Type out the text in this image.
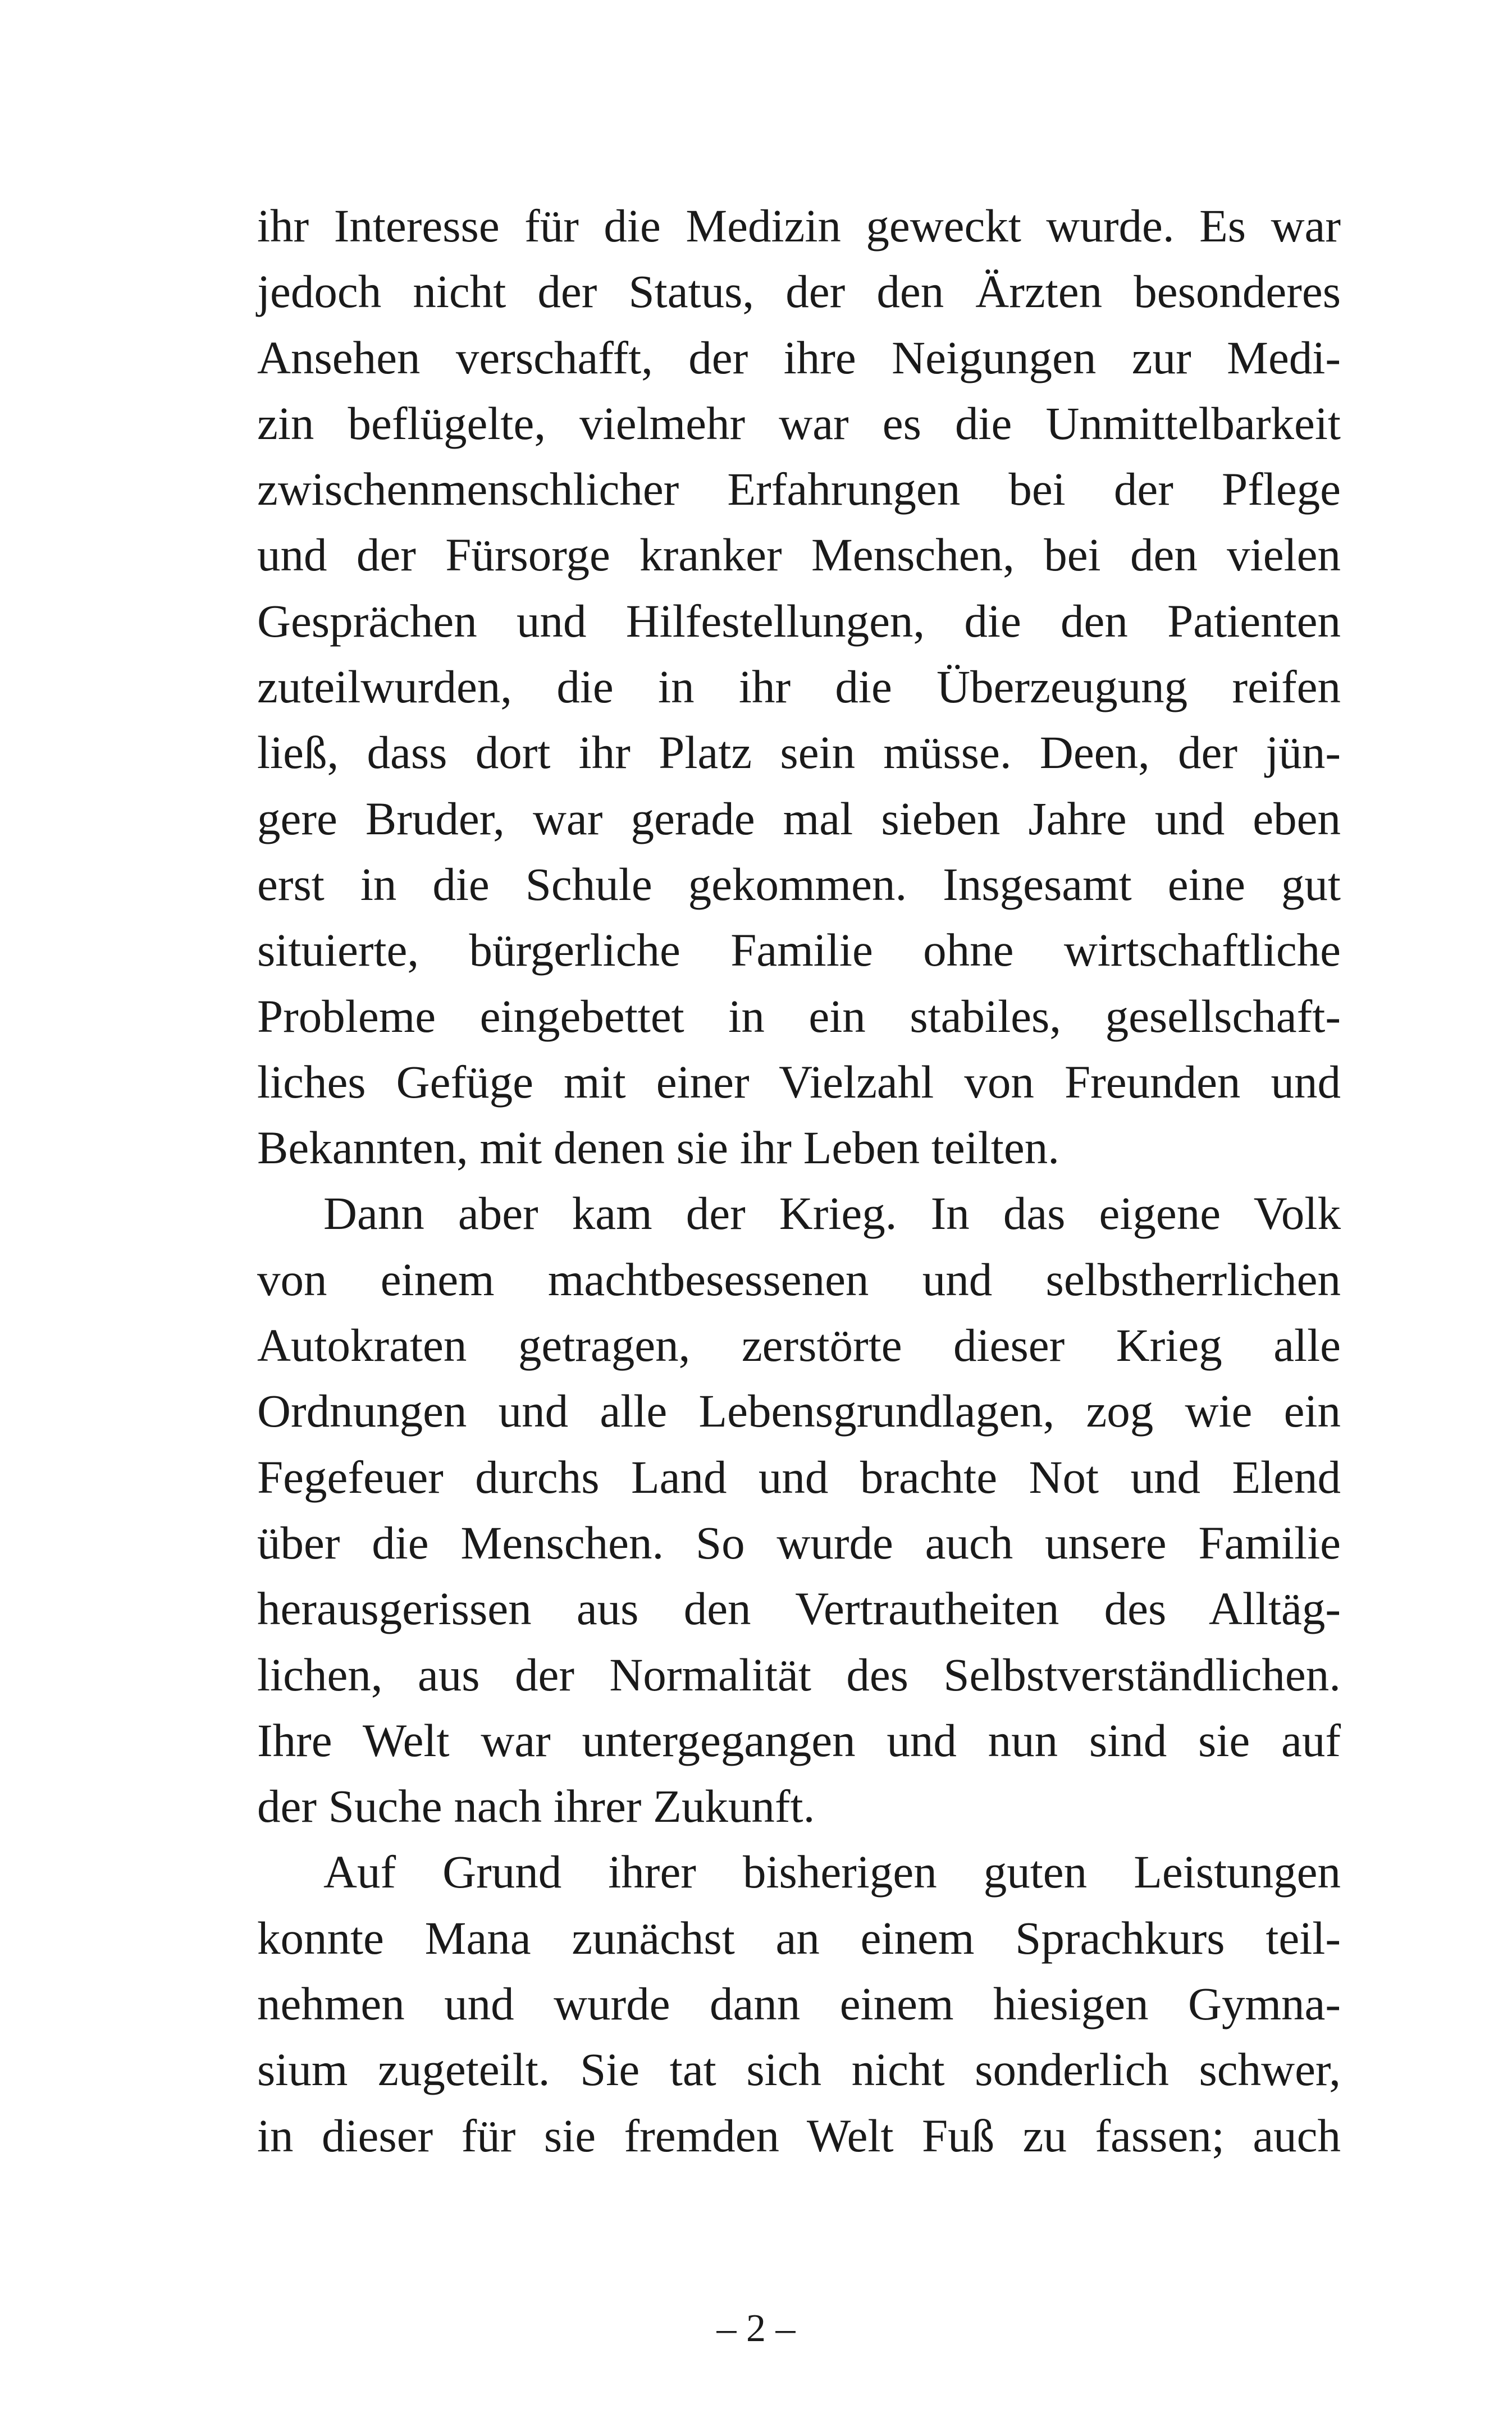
ihr Interesse für die Medizin geweckt wurde. Es war
jedoch nicht der Status, der den Ärzten besonderes
Ansehen verschafft, der ihre Neigungen zur Medi-
zin beflügelte, vielmehr war es die Unmittelbarkeit
zwischenmenschlicher Erfahrungen bei der Pflege
und der Fürsorge kranker Menschen, bei den vielen
Gesprächen und Hilfestellungen, die den Patienten
zuteilwurden, die in ihr die Überzeugung reifen
ließ, dass dort ihr Platz sein müsse. Deen, der jün-
gere Bruder, war gerade mal sieben Jahre und eben
erst in die Schule gekommen. Insgesamt eine gut
situierte, bürgerliche Familie ohne wirtschaftliche
Probleme eingebettet in ein stabiles, gesellschaft-
liches Gefüge mit einer Vielzahl von Freunden und
Bekannten, mit denen sie ihr Leben teilten.
Dann aber kam der Krieg. In das eigene Volk
von einem machtbesessenen und selbstherrlichen
Autokraten getragen, zerstörte dieser Krieg alle
Ordnungen und alle Lebensgrundlagen, zog wie ein
Fegefeuer durchs Land und brachte Not und Elend
über die Menschen. So wurde auch unsere Familie
herausgerissen aus den Vertrautheiten des Alltäg-
lichen, aus der Normalität des Selbstverständlichen.
Ihre Welt war untergegangen und nun sind sie auf
der Suche nach ihrer Zukunft.
Auf Grund ihrer bisherigen guten Leistungen
konnte Mana zunächst an einem Sprachkurs teil-
nehmen und wurde dann einem hiesigen Gymna-
sium zugeteilt. Sie tat sich nicht sonderlich schwer,
in dieser für sie fremden Welt Fuß zu fassen; auch
– 2 –
